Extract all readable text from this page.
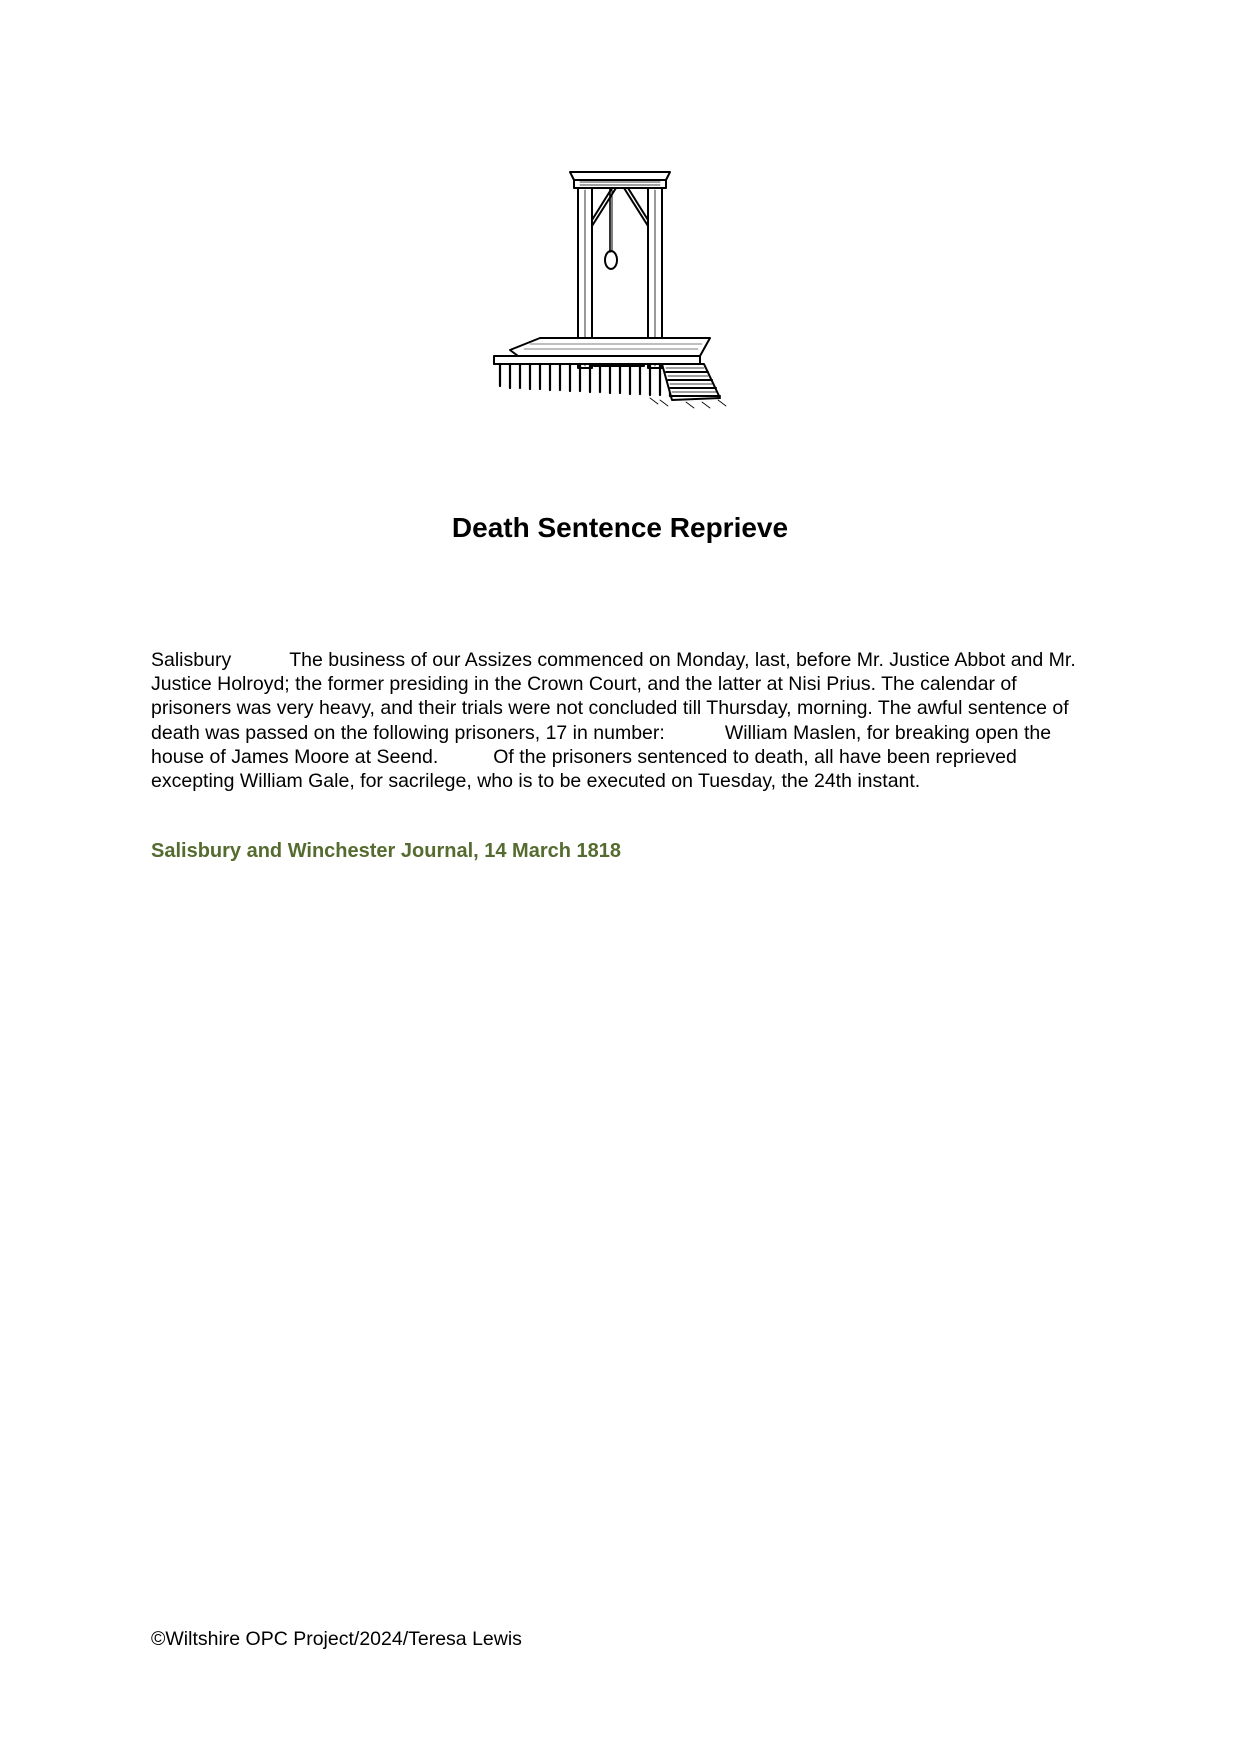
Death Sentence Reprieve

Salisbury	The business of our Assizes commenced on Monday, last, before Mr. Justice Abbot and Mr. Justice Holroyd; the former presiding in the Crown Court, and the latter at Nisi Prius. The calendar of prisoners was very heavy, and their trials were not concluded till Thursday, morning. The awful sentence of death was passed on the following prisoners, 17 in number:	William Maslen, for breaking open the house of James Moore at Seend.	Of the prisoners sentenced to death, all have been reprieved excepting William Gale, for sacrilege, who is to be executed on Tuesday, the 24th instant.

Salisbury and Winchester Journal, 14 March 1818

©Wiltshire OPC Project/2024/Teresa Lewis
